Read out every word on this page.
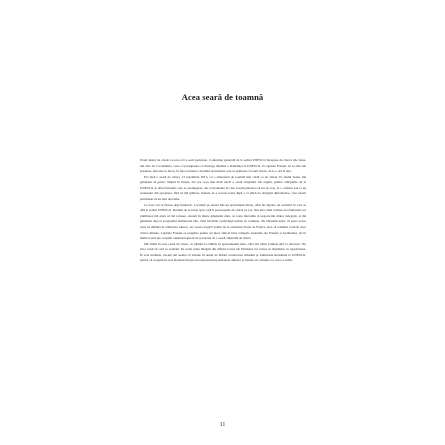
Acea seară de toamnă

Eram destul de obosit la acea oră a serii pariziene. Conferința generală de la sediul UNESCO începuse de câteva zile bune, din data de 3 noiembrie, ceea ce presupunea ca întreaga misiune a României la UNESCO, în capitala Franței, să se afle sub presiune, mai ales la birou, în fața ecranelor, studiind documente care se primeau cu toată viteza, de la o oră la alta.

Era încă o seară de vineri, 13 noiembrie 2015, cu o atmosferă de toamnă mai caldă ca de obicei. Pe malul Senei, mă gândeam să petrec timpul în liniște, dar era ceva mai mult decât o seară obișnuită. De regulă, printre obligațiile de la UNESCO se aflau întruniri care se prelungeau, dar și momente în care aveam plăcerea să ies în oraș, la o cafenea sau la un restaurant din apropiere, fără să mă grăbesc, înainte de a reveni acasă după o zi plină de obligații diplomatice, care nu-mi permiteau să ies mai devreme.

La acea oră se făcuse deja întuneric. Locuiam pe atunci într-un apartament micuț, aflat nu departe de cartierul în care se află și sediul UNESCO. Drumul de la birou spre casă îl parcurgeam de obicei pe jos, mai ales când vremea era frumoasă, iar plimbarea mă ajuta să mă relaxez. Aveam în minte gândurile zilei, cu toate discuțiile și negocierile dintre delegații, și mă gândeam deja la programul următoarei zile, când lucrările conferinței urmau să continue. Nu bănuiam deloc că seara aceea avea să rămână în amintirea tuturor, iar vestea tragică venită de la stadionul Stade de France avea să schimbe totul în doar câteva minute. Capitala Franței se pregătea pentru un meci amical între echipele naționale ale Franței și Germaniei, iar în multe locuri ale orașului oamenii ieșiseră să se bucure de o seară obișnuită de vineri.

Mă aflam în acea seară de vineri, cu gândul la odihnă, în apartamentul meu, când am văzut primele știri la televizor. Nu mi-a venit să cred ce vedeam. Pe ecran rulau imagini din diferite locuri ale Parisului, iar vestea se răspândea cu repeziciune. În acel moment, mi-am dat seama că trebuie să anunț de îndată conducerea misiunii și Ambasada României la UNESCO, pentru că ocupam în acel moment funcția de reprezentant permanent adjunct și trebuia să comunic tot ceea ce urma.

11
